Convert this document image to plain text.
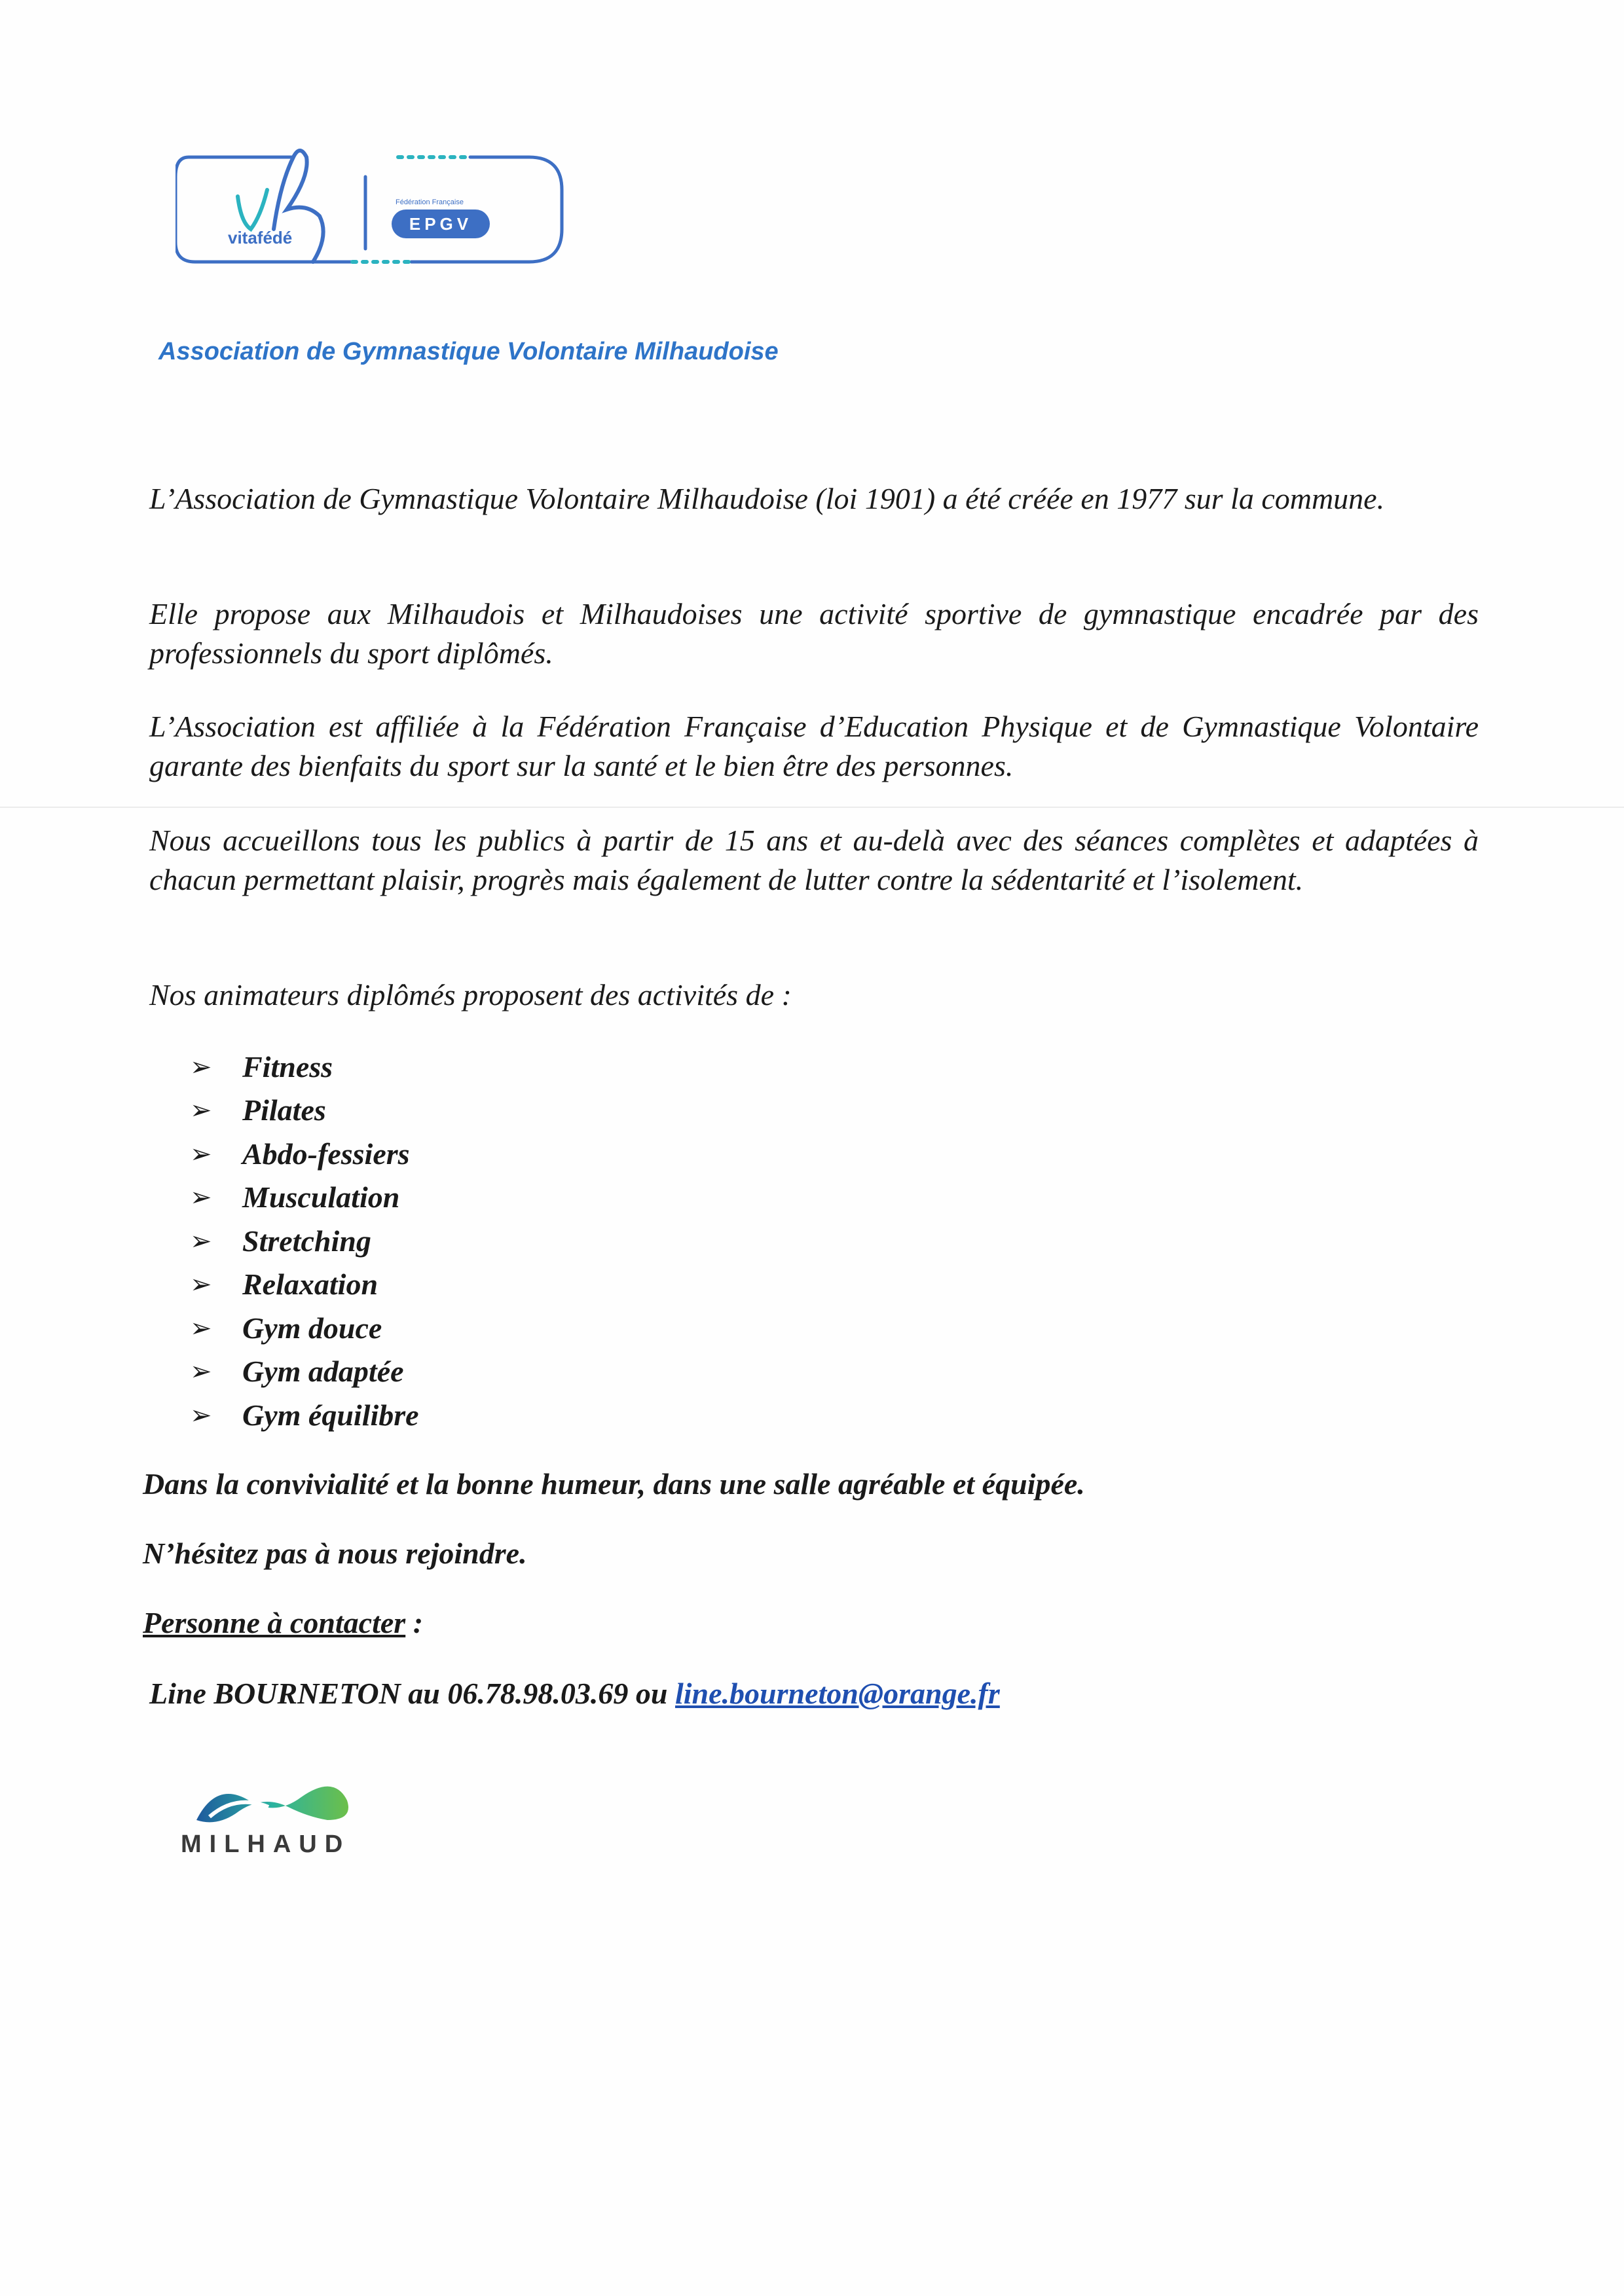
vitafédé
Fédération Française
EPGV
Association de Gymnastique Volontaire Milhaudoise
L’Association de Gymnastique Volontaire Milhaudoise (loi 1901) a été créée en 1977 sur la commune.
Elle propose aux Milhaudois et Milhaudoises une activité sportive de gymnastique encadrée par des professionnels du sport diplômés.
L’Association est affiliée à la Fédération Française d’Education Physique et de Gymnastique Volontaire garante des bienfaits du sport sur la santé et le bien être des personnes.
Nous accueillons tous les publics à partir de 15 ans et au-delà avec des séances complètes et adaptées à chacun permettant plaisir, progrès mais également de lutter contre la sédentarité et l’isolement.
Nos animateurs diplômés proposent des activités de :
➢	Fitness
➢	Pilates
➢	Abdo-fessiers
➢	Musculation
➢	Stretching
➢	Relaxation
➢	Gym douce
➢	Gym adaptée
➢	Gym équilibre
Dans la convivialité et la bonne humeur, dans une salle agréable et équipée.
N’hésitez pas à nous rejoindre.
Personne à contacter :
Line BOURNETON au 06.78.98.03.69 ou line.bourneton@orange.fr
MILHAUD
